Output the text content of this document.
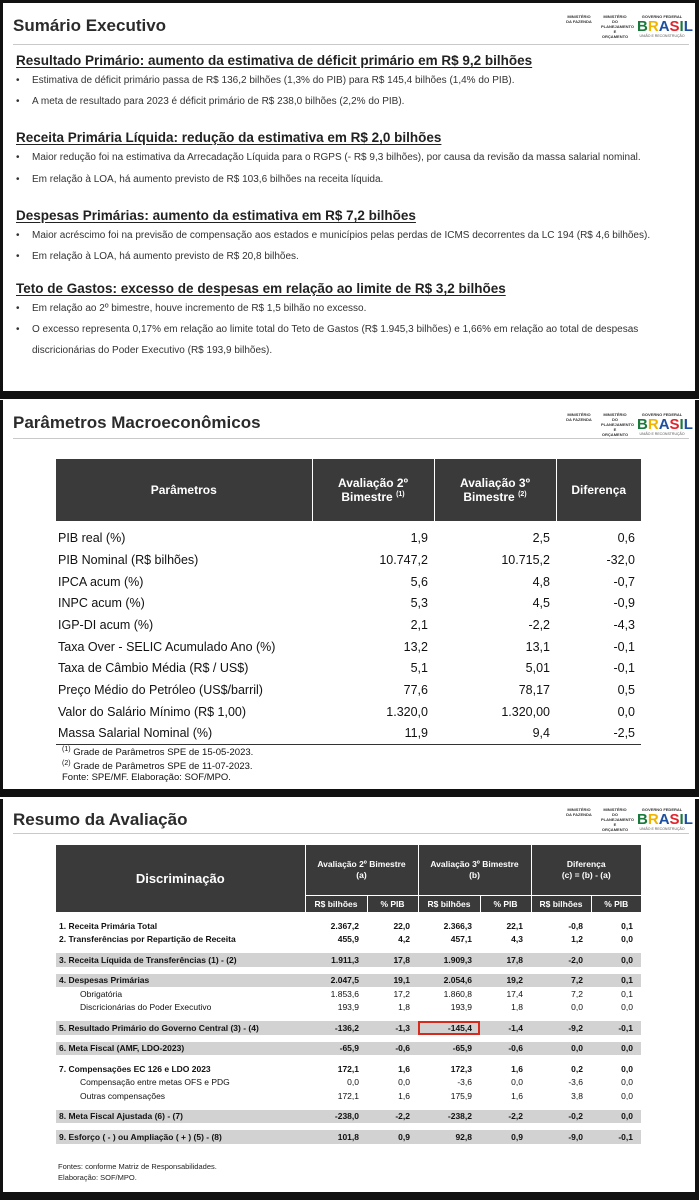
Sumário Executivo	MINISTÉRIO DA FAZENDA
MINISTÉRIO DO PLANEJAMENTO E ORÇAMENTO
GOVERNO FEDERAL
BRASIL
UNIÃO E RECONSTRUÇÃO
Resultado Primário: aumento da estimativa de déficit primário em R$ 9,2 bilhões
• Estimativa de déficit primário passa de R$ 136,2 bilhões (1,3% do PIB) para R$ 145,4 bilhões (1,4% do PIB).
• A meta de resultado para 2023 é déficit primário de R$ 238,0 bilhões (2,2% do PIB).
Receita Primária Líquida: redução da estimativa em R$ 2,0 bilhões
• Maior redução foi na estimativa da Arrecadação Líquida para o RGPS (- R$ 9,3 bilhões), por causa da revisão da massa salarial nominal.
• Em relação à LOA, há aumento previsto de R$ 103,6 bilhões na receita líquida.
Despesas Primárias: aumento da estimativa em R$ 7,2 bilhões
• Maior acréscimo foi na previsão de compensação aos estados e municípios pelas perdas de ICMS decorrentes da LC 194 (R$ 4,6 bilhões).
• Em relação à LOA, há aumento previsto de R$ 20,8 bilhões.
Teto de Gastos: excesso de despesas em relação ao limite de R$ 3,2 bilhões
• Em relação ao 2º bimestre, houve incremento de R$ 1,5 bilhão no excesso.
• O excesso representa 0,17% em relação ao limite total do Teto de Gastos (R$ 1.945,3 bilhões) e 1,66% em relação ao total de despesas
discricionárias do Poder Executivo (R$ 193,9 bilhões).
Parâmetros Macroeconômicos	MINISTÉRIO DA FAZENDA
MINISTÉRIO DO PLANEJAMENTO E ORÇAMENTO
GOVERNO FEDERAL
BRASIL
UNIÃO E RECONSTRUÇÃO
Parâmetros	Avaliação 2º Bimestre $^{(1)}$	Avaliação 3º Bimestre $^{(2)}$	Diferença
PIB real (%)	1,9	2,5	0,6
PIB Nominal (R$ bilhões)	10.747,2	10.715,2	-32,0
IPCA acum (%)	5,6	4,8	-0,7
INPC acum (%)	5,3	4,5	-0,9
IGP-DI acum (%)	2,1	-2,2	-4,3
Taxa Over - SELIC Acumulado Ano (%)	13,2	13,1	-0,1
Taxa de Câmbio Média (R$ / US$)	5,1	5,01	-0,1
Preço Médio do Petróleo (US$/barril)	77,6	78,17	0,5
Valor do Salário Mínimo (R$ 1,00)	1.320,0	1.320,00	0,0
Massa Salarial Nominal (%)	11,9	9,4	-2,5
$^{(1)}$ Grade de Parâmetros SPE de 15-05-2023.
$^{(2)}$ Grade de Parâmetros SPE de 11-07-2023.
Fonte: SPE/MF. Elaboração: SOF/MPO.
Resumo da Avaliação
MINISTÉRIO DA FAZENDA
MINISTÉRIO DO PLANEJAMENTO E ORÇAMENTO
GOVERNO FEDERAL
BRASIL
UNIÃO E RECONSTRUÇÃO
Discriminação	Avaliação 2º Bimestre
(a)		Avaliação 3º Bimestre
(b)		Diferença
(c) = (b) - (a)	
	R$ bilhões	% PIB	R$ bilhões	% PIB	R$ bilhões	% PIB

1. Receita Primária Total	2.367,2	22,0	2.366,3	22,1	-0,8	0,1
2. Transferências por Repartição de Receita	455,9	4,2	457,1	4,3	1,2	0,0

3. Receita Líquida de Transferências (1) - (2)	1.911,3	17,8	1.909,3	17,8	-2,0	0,0

4. Despesas Primárias	2.047,5	19,1	2.054,6	19,2	7,2	0,1
Obrigatória	1.853,6	17,2	1.860,8	17,4	7,2	0,1
Discricionárias do Poder Executivo	193,9	1,8	193,9	1,8	0,0	0,0

5. Resultado Primário do Governo Central (3) - (4)	-136,2	-1,3	-145,4	-1,4	-9,2	-0,1

6. Meta Fiscal (AMF, LDO-2023)	-65,9	-0,6	-65,9	-0,6	0,0	0,0

7. Compensações EC 126 e LDO 2023	172,1	1,6	172,3	1,6	0,2	0,0
Compensação entre metas OFS e PDG	0,0	0,0	-3,6	0,0	-3,6	0,0
Outras compensações	172,1	1,6	175,9	1,6	3,8	0,0

8. Meta Fiscal Ajustada (6) - (7)	-238,0	-2,2	-238,2	-2,2	-0,2	0,0

9. Esforço ( - ) ou Ampliação ( + ) (5) - (8)	101,8	0,9	92,8	0,9	-9,0	-0,1
Fontes: conforme Matriz de Responsabilidades.
Elaboração: SOF/MPO.
